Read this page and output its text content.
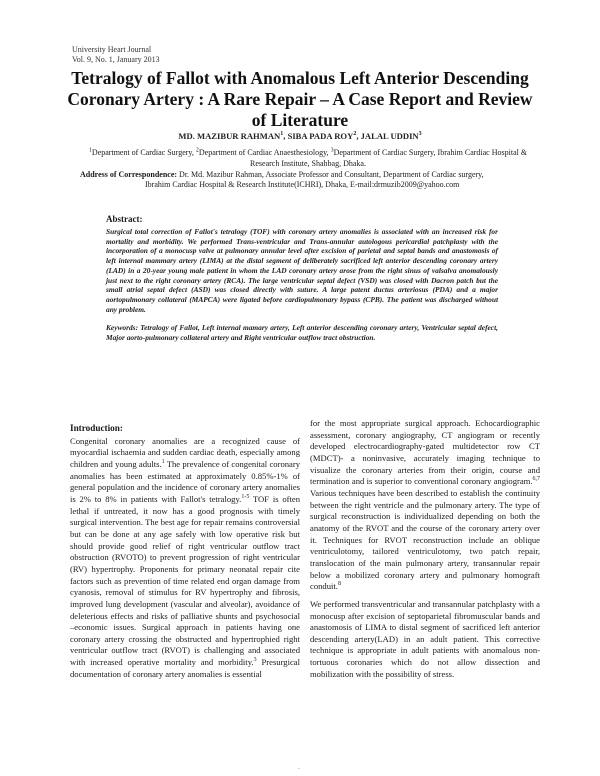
University Heart Journal
Vol. 9, No. 1, January 2013
Tetralogy of Fallot with Anomalous Left Anterior Descending Coronary Artery : A Rare Repair – A Case Report and Review of Literature
MD. MAZIBUR RAHMAN$^1$, SIBA PADA ROY$^2$, JALAL UDDIN$^3$
$^1$Department of Cardiac Surgery, $^2$Department of Cardiac Anaesthesiology, $^3$Department of Cardiac Surgery, Ibrahim Cardiac Hospital & Research Institute, Shahbag, Dhaka.
Address of Correspondence: Dr. Md. Mazibur Rahman, Associate Professor and Consultant, Department of Cardiac surgery,
Ibrahim Cardiac Hospital & Research Institute(ICHRI), Dhaka, E-mail:drmuzib2009@yahoo.com
Abstract:
Surgical total correction of Fallot's tetralogy (TOF) with coronary artery anomalies is associated with an increased risk for mortality and morbidity. We performed Trans-ventricular and Trans-annular autologous pericardial patchplasty with the incorporation of a monocusp valve at pulmonary annular level after excision of parietal and septal bands and anastomosis of left internal mammary artery (LIMA) at the distal segment of deliberately sacrificed left anterior descending coronary artery (LAD) in a 20-year young male patient in whom the LAD coronary artery arose from the right sinus of valsalva anomalously just next to the right coronary artery (RCA). The large ventricular septal defect (VSD) was closed with Dacron patch but the small atrial septal defect (ASD) was closed directly with suture. A large patent ductus arteriosus (PDA) and a major aortopulmonary collateral (MAPCA) were ligated before cardiopulmonary bypass (CPB). The patient was discharged without any problem.
Keywords: Tetralogy of Fallot, Left internal mamary artery, Left anterior descending coronary artery, Ventricular septal defect, Major aorto-pulmonary collateral artery and Right ventricular outflow tract obstruction.
Introduction:

Congenital coronary anomalies are a recognized cause of myocardial ischaemia and sudden cardiac death, especially among children and young adults.$^1$ The prevalence of congenital coronary anomalies has been estimated at approximately 0.85%-1% of general population and the incidence of coronary artery anomalies is 2% to 8% in patients with Fallot's tetralogy.$^{1-5}$ TOF is often lethal if untreated, it now has a good prognosis with timely surgical intervention. The best age for repair remains controversial but can be done at any age safely with low operative risk but should provide good relief of right ventricular outflow tract obstruction (RVOTO) to prevent progression of right ventricular (RV) hypertrophy. Proponents for primary neonatal repair cite factors such as prevention of time related end organ damage from cyanosis, removal of stimulus for RV hypertrophy and fibrosis, improved lung development (vascular and alveolar), avoidance of deleterious effects and risks of palliative shunts and psychosocial –economic issues. Surgical approach in patients having one coronary artery crossing the obstructed and hypertrophied right ventricular outflow tract (RVOT) is challenging and associated with increased operative mortality and morbidity.$^3$ Presurgical documentation of coronary artery anomalies is essential

for the most appropriate surgical approach. Echocardiographic assessment, coronary angiography, CT angiogram or recently developed electrocardiography-gated multidetector row CT (MDCT)- a noninvasive, accurately imaging technique to visualize the coronary arteries from their origin, course and termination and is superior to conventional coronary angiogram.$^{6,7}$ Various techniques have been described to establish the continuity between the right ventricle and the pulmonary artery. The type of surgical reconstruction is individualized depending on both the anatomy of the RVOT and the course of the coronary artery over it. Techniques for RVOT reconstruction include an oblique ventriculotomy, tailored ventriculotomy, two patch repair, translocation of the main pulmonary artery, transannular repair below a mobilized coronary artery and pulmonary homograft conduit.$^8$

We performed transventricular and transannular patchplasty with a monocusp after excision of septoparietal fibromuscular bands and anastomosis of LIMA to distal segment of sacrificed left anterior descending artery(LAD) in an adult patient. This corrective technique is appropriate in adult patients with anomalous non-tortuous coronaries which do not allow dissection and mobilization with the possibility of stress.

.
